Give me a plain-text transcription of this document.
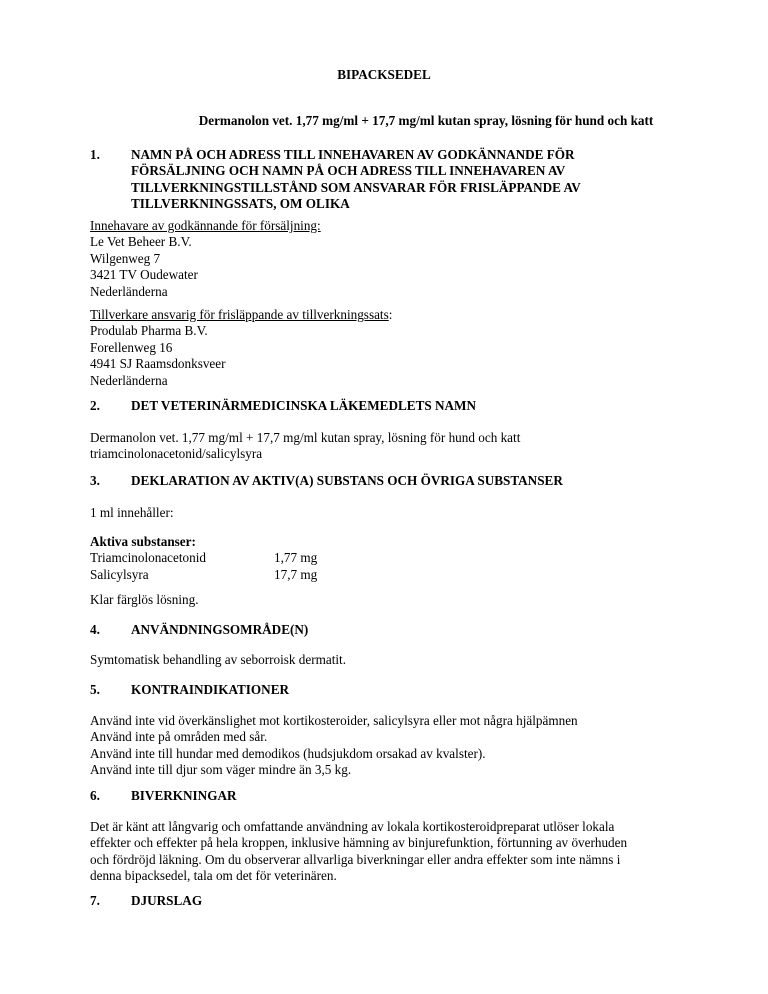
BIPACKSEDEL
Dermanolon vet. 1,77 mg/ml + 17,7 mg/ml kutan spray, lösning för hund och katt
1. NAMN PÅ OCH ADRESS TILL INNEHAVAREN AV GODKÄNNANDE FÖR FÖRSÄLJNING OCH NAMN PÅ OCH ADRESS TILL INNEHAVAREN AV TILLVERKNINGSTILLSTÅND SOM ANSVARAR FÖR FRISLÄPPANDE AV TILLVERKNINGSSATS, OM OLIKA
Innehavare av godkännande för försäljning:
Le Vet Beheer B.V.
Wilgenweg 7
3421 TV Oudewater
Nederländerna
Tillverkare ansvarig för frisläppande av tillverkningssats:
Produlab Pharma B.V.
Forellenweg 16
4941 SJ Raamsdonksveer
Nederländerna
2. DET VETERINÄRMEDICINSKA LÄKEMEDLETS NAMN
Dermanolon vet. 1,77 mg/ml + 17,7 mg/ml kutan spray, lösning för hund och katt
triamcinolonacetonid/salicylsyra
3. DEKLARATION AV AKTIV(A) SUBSTANS OCH ÖVRIGA SUBSTANSER
1 ml innehåller:
Aktiva substanser:
Triamcinolonacetonid	1,77 mg
Salicylsyra	17,7 mg
Klar färglös lösning.
4. ANVÄNDNINGSOMRÅDE(N)
Symtomatisk behandling av seborroisk dermatit.
5. KONTRAINDIKATIONER
Använd inte vid överkänslighet mot kortikosteroider, salicylsyra eller mot några hjälpämnen
Använd inte på områden med sår.
Använd inte till hundar med demodikos (hudsjukdom orsakad av kvalster).
Använd inte till djur som väger mindre än 3,5 kg.
6. BIVERKNINGAR
Det är känt att långvarig och omfattande användning av lokala kortikosteroidpreparat utlöser lokala
effekter och effekter på hela kroppen, inklusive hämning av binjurefunktion, förtunning av överhuden
och fördröjd läkning. Om du observerar allvarliga biverkningar eller andra effekter som inte nämns i
denna bipacksedel, tala om det för veterinären.
7. DJURSLAG
